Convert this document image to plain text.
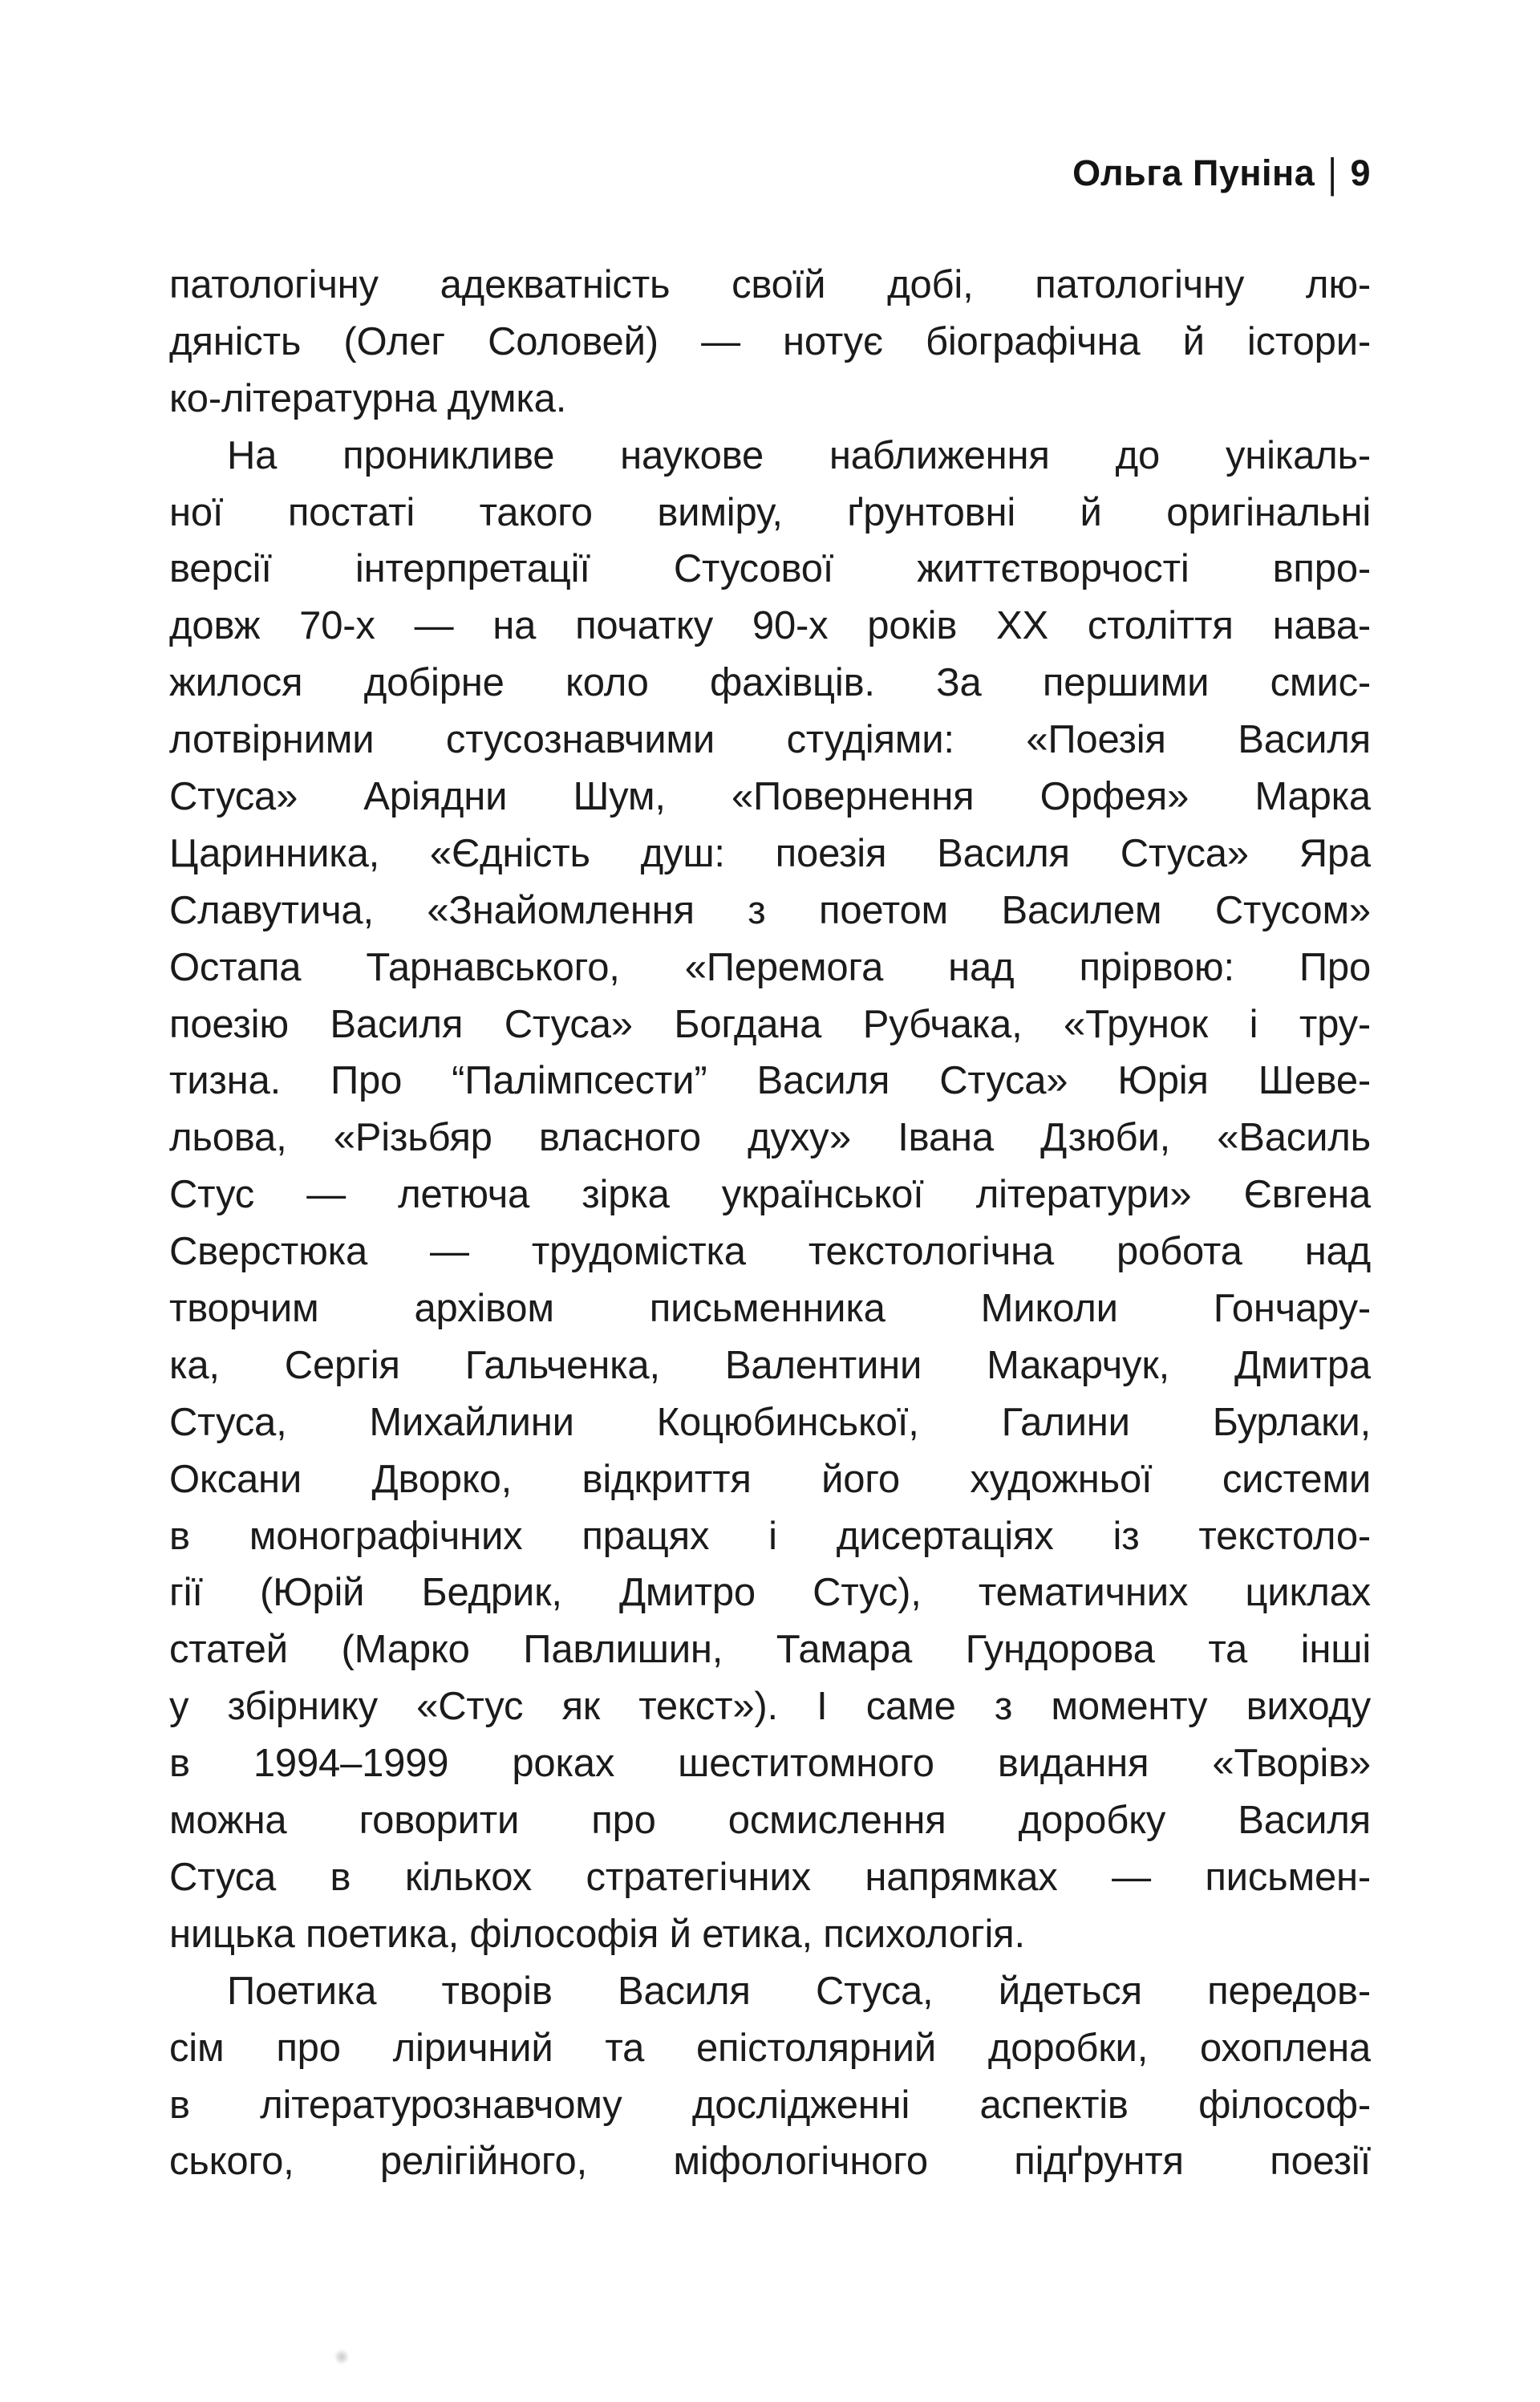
Ольга Пуніна | 9
патологічну адекватність своїй добі, патологічну лю-
дяність (Олег Соловей) — нотує біографічна й істори-
ко-літературна думка.
На проникливе наукове наближення до унікаль-
ної постаті такого виміру, ґрунтовні й оригінальні
версії інтерпретації Стусової життєтворчості впро-
довж 70-х — на початку 90-х років ХХ століття нава-
жилося добірне коло фахівців. За першими смис-
лотвірними стусознавчими студіями: «Поезія Василя
Стуса» Аріядни Шум, «Повернення Орфея» Марка
Царинника, «Єдність душ: поезія Василя Стуса» Яра
Славутича, «Знайомлення з поетом Василем Стусом»
Остапа Тарнавського, «Перемога над прірвою: Про
поезію Василя Стуса» Богдана Рубчака, «Трунок і тру-
тизна. Про “Палімпсести” Василя Стуса» Юрія Шеве-
льова, «Різьбяр власного духу» Івана Дзюби, «Василь
Стус — летюча зірка української літератури» Євгена
Сверстюка — трудомістка текстологічна робота над
творчим архівом письменника Миколи Гончару-
ка, Сергія Гальченка, Валентини Макарчук, Дмитра
Стуса, Михайлини Коцюбинської, Галини Бурлаки,
Оксани Дворко, відкриття його художньої системи
в монографічних працях і дисертаціях із текстоло-
гії (Юрій Бедрик, Дмитро Стус), тематичних циклах
статей (Марко Павлишин, Тамара Гундорова та інші
у збірнику «Стус як текст»). І саме з моменту виходу
в 1994–1999 роках шеститомного видання «Творів»
можна говорити про осмислення доробку Василя
Стуса в кількох стратегічних напрямках — письмен-
ницька поетика, філософія й етика, психологія.
Поетика творів Василя Стуса, йдеться передов-
сім про ліричний та епістолярний доробки, охоплена
в літературознавчому дослідженні аспектів філософ-
ського, релігійного, міфологічного підґрунтя поезії
